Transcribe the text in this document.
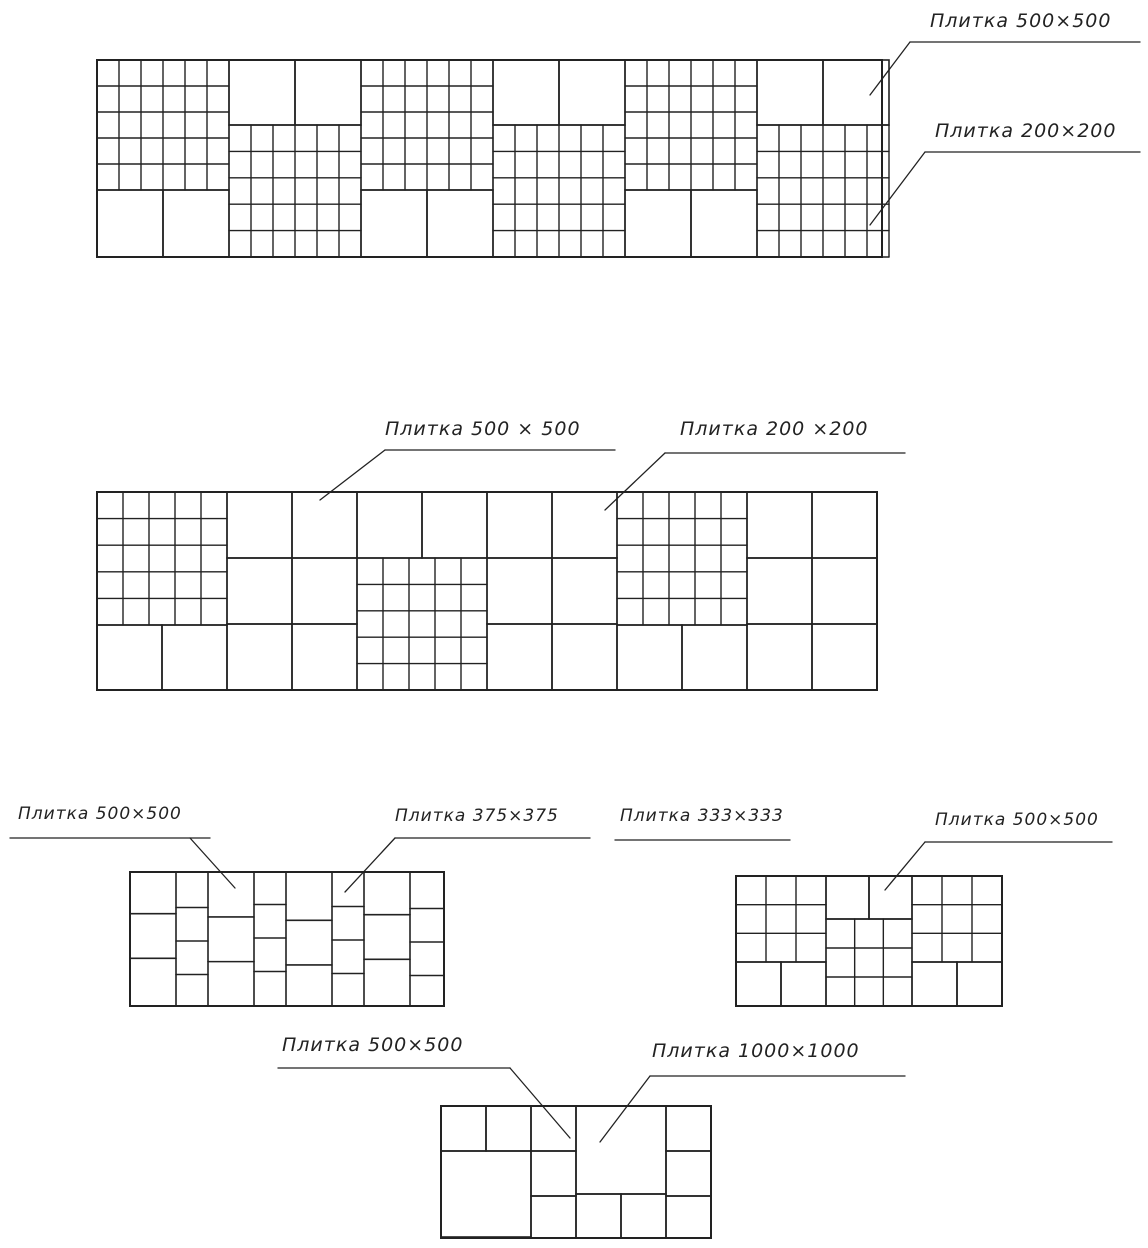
Плитка 500×500
Плитка 200×200
Плитка 500 × 500	Плитка 200 ×200
Плитка 500×500	Плитка 375×375	Плитка 333×333	Плитка 500×500
Плитка 500×500	Плитка 1000×1000
